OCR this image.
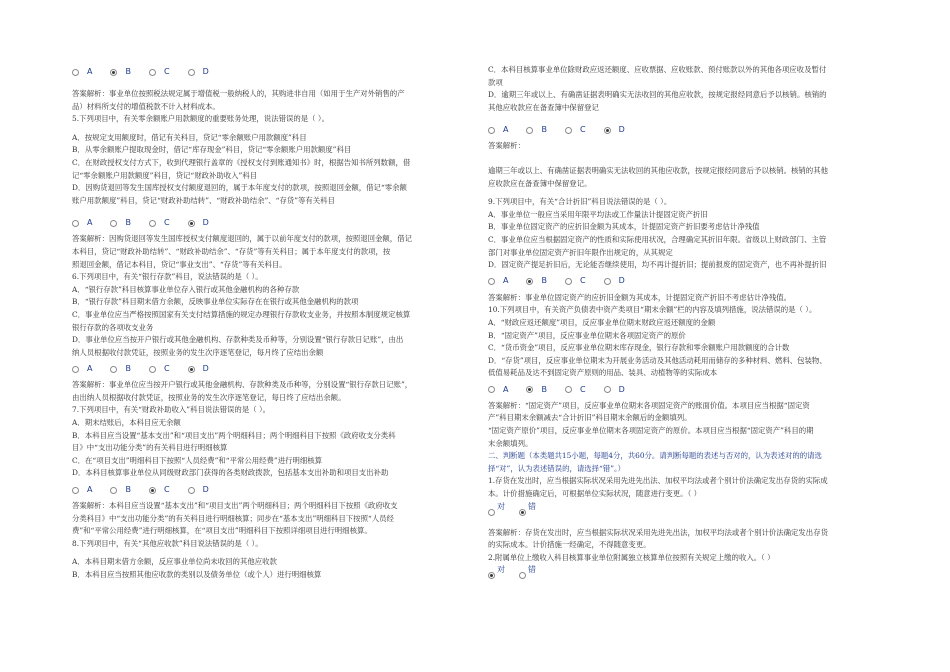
A	B	C	D

答案解析：事业单位按照税法规定属于增值税一般纳税人的，其购进非自用（如用于生产对外销售的产

品）材料所支付的增值税款不计入材料成本。

5.下列项目中，有关零余额账户用款额度的重要账务处理，说法错误的是（ ）。

A．按规定支用额度时，借记有关科目，贷记“零余额账户用款额度”科目

B．从零余额账户提取现金时，借记“库存现金”科目，贷记“零余额账户用款额度”科目

C．在财政授权支付方式下，收到代理银行盖章的《授权支付到账通知书》时，根据告知书所列数额，借

记“零余额账户用款额度”科目，贷记“财政补助收入”科目

D．因购货退回等发生国库授权支付额度退回的，属于本年度支付的款项，按照退回金额，借记“零余额

账户用款额度”科目，贷记“财政补助结转”、“财政补助结余”、“存货”等有关科目

A	B	C	D

答案解析：因购货退回等发生国库授权支付额度退回的，属于以前年度支付的款项，按照退回金额，借记

本科目，贷记“财政补助结转”、“财政补助结余”、“存货”等有关科目；属于本年度支付的款项，按

照退回金额，借记本科目，贷记“事业支出”、“存货”等有关科目。

6.下列项目中，有关“银行存款”科目，说法错误的是（ ）。

A．“银行存款”科目核算事业单位存入银行或其他金融机构的各种存款

B．“银行存款”科目期末借方余额，反映事业单位实际存在在银行或其他金融机构的款项

C．事业单位应当严格按照国家有关支付结算措施的规定办理银行存款收支业务，并按照本制度规定核算

银行存款的各项收支业务

D．事业单位应当按开户银行或其他金融机构、存款种类及币种等，分别设置“银行存款日记账”，由出

纳人员根据收付款凭证，按照业务的发生次序逐笔登记，每月终了应结出余额

A	B	C	D

答案解析：事业单位应当按开户银行或其他金融机构、存款种类及币种等，分别设置“银行存款日记账”，

由出纳人员根据收付款凭证，按照业务的发生次序逐笔登记，每日终了应结出余额。

7.下列项目中，有关“财政补助收入”科目说法错误的是（ ）。

A．期末结账后，本科目应无余额

B．本科目应当设置“基本支出”和“项目支出”两个明细科目；两个明细科目下按照《政府收支分类科

目》中“支出功能分类”的有关科目进行明细核算

C．在“项目支出”明细科目下按照“人员经费”和“平常公用经费”进行明细核算

D．本科目核算事业单位从同级财政部门获得的各类财政拨款，包括基本支出补助和项目支出补助

A	B	C	D

答案解析：本科目应当设置“基本支出”和“项目支出”两个明细科目；两个明细科目下按照《政府收支

分类科目》中“支出功能分类”的有关科目进行明细核算；同步在“基本支出”明细科目下按照“人员经

费”和“平常公用经费”进行明细核算，在“项目支出”明细科目下按照详细项目进行明细核算。

8.下列项目中，有关“其他应收款”科目说法错误的是（ ）。

A．本科目期末借方余额，反应事业单位尚未收回的其他应收款

B．本科目应当按照其他应收款的类别以及债务单位（或个人）进行明细核算

C．本科目核算事业单位除财政应返还额度、应收票据、应收账款、预付账款以外的其他各项应收及暂付

款项

D．逾期三年或以上、有确凿证据表明确实无法收回的其他应收款，按规定报经同意后予以核销。核销的

其他应收款应在备查簿中保留登记

A	B	C	D

答案解析：

逾期三年或以上、有确凿证据表明确实无法收回的其他应收款，按规定报经同意后予以核销。核销的其他

应收款应在备查簿中保留登记。

9.下列项目中，有关“合计折旧”科目说法错误的是（ ）。

A．事业单位一般应当采用年限平均法或工作量法计提固定资产折旧

B．事业单位固定资产的应折旧金额为其成本，计提固定资产折旧要考虑估计净残值

C．事业单位应当根据固定资产的性质和实际使用状况，合理确定其折旧年限。省级以上财政部门、主管

部门对事业单位固定资产折旧年限作出规定的，从其规定

D．固定资产提足折旧后，无论能否继续使用，均不再计提折旧；提前报废的固定资产，也不再补提折旧

A	B	C	D

答案解析：事业单位固定资产的应折旧金额为其成本，计提固定资产折旧不考虑估计净残值。

10.下列项目中，有关资产负债表中资产类项目“期末余额”栏的内容及填列措施，说法错误的是（ ）。

A．“财政应返还额度”项目，反应事业单位期末财政应返还额度的金额

B．“固定资产”项目，反应事业单位期末各项固定资产的原价

C．“货币资金”项目，反应事业单位期末库存现金，银行存款和零余额账户用款额度的合计数

D．“存货”项目，反应事业单位期末为开展业务活动及其他活动耗用而储存的多种材料、燃料、包装物、

低值易耗品及达不到固定资产原则的用品、装具、动植物等的实际成本

A	B	C	D

答案解析：“固定资产”项目，反应事业单位期末各项固定资产的账面价值。本项目应当根据“固定资

产”科目期末余额减去“合计折旧”科目期末余额后的金额填列。

“固定资产原价”项目，反应事业单位期末各项固定资产的原价。本项目应当根据“固定资产”科目的期

末余额填列。

二、判断题（本类题共15小题，每题4分，共60分。请判断每题的表述与否对的，认为表述对的的请选

择“对”，认为表述错误的，请选择“错”。）

1.存货在发出时，应当根据实际状况采用先进先出法、加权平均法或者个别计价法确定发出存货的实际成

本。计价措施确定后，可根据单位实际状况，随意进行变更。（ ）

对	错

答案解析：存货在发出时，应当根据实际状况采用先进先出法，加权平均法或者个别计价法确定发出存货

的实际成本。计价措施一经确定，不得随意变更。

2.附属单位上缴收入科目核算事业单位附属独立核算单位按照有关规定上缴的收入。（ ）

对	错
